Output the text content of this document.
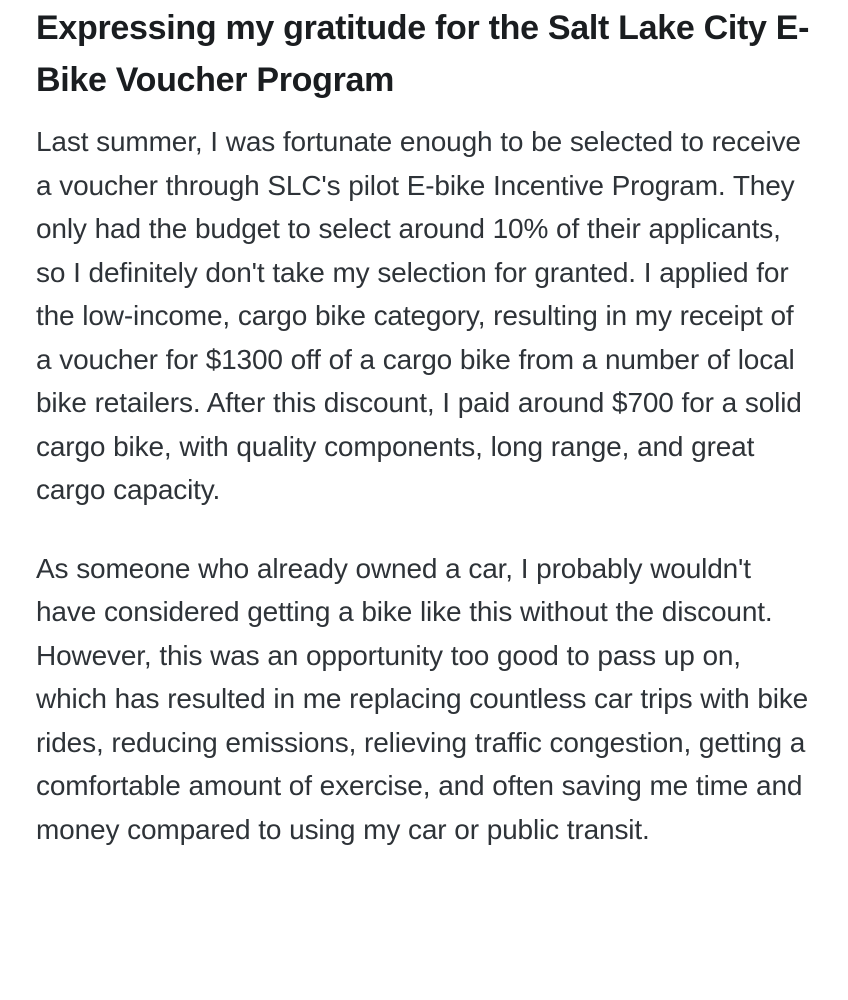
Expressing my gratitude for the Salt Lake City E-Bike Voucher Program

Last summer, I was fortunate enough to be selected to receive a voucher through SLC's pilot E-bike Incentive Program. They only had the budget to select around 10% of their applicants, so I definitely don't take my selection for granted. I applied for the low-income, cargo bike category, resulting in my receipt of a voucher for $1300 off of a cargo bike from a number of local bike retailers. After this discount, I paid around $700 for a solid cargo bike, with quality components, long range, and great cargo capacity.

As someone who already owned a car, I probably wouldn't have considered getting a bike like this without the discount. However, this was an opportunity too good to pass up on, which has resulted in me replacing countless car trips with bike rides, reducing emissions, relieving traffic congestion, getting a comfortable amount of exercise, and often saving me time and money compared to using my car or public transit.
